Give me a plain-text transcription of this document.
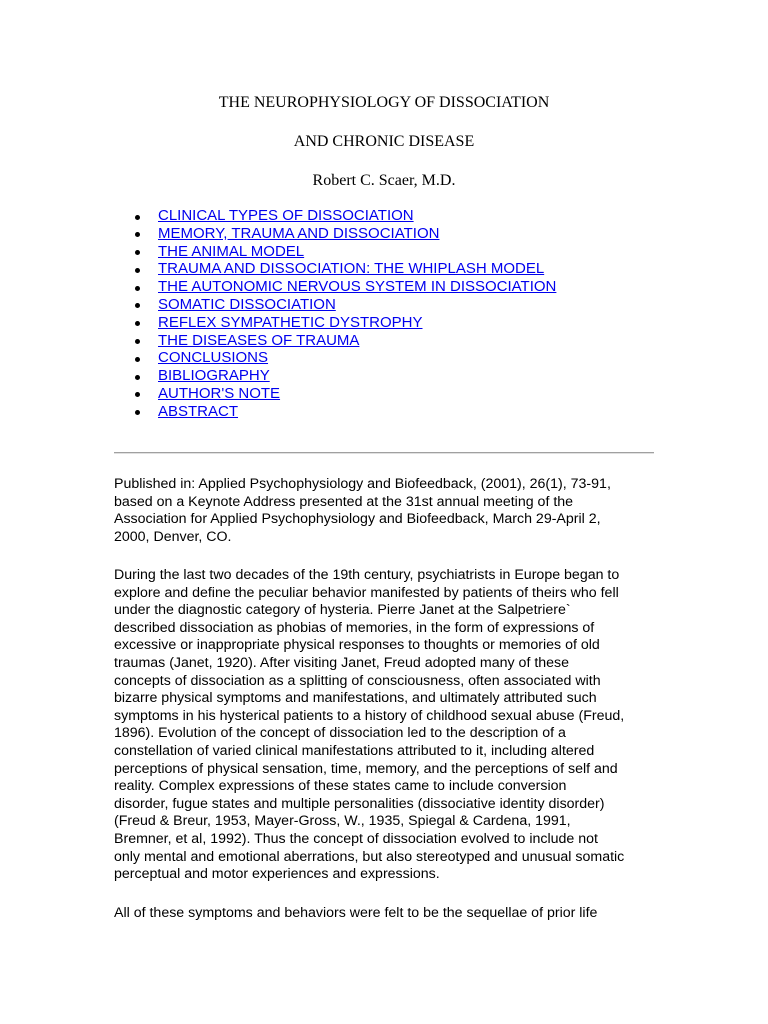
THE NEUROPHYSIOLOGY OF DISSOCIATION
AND CHRONIC DISEASE
Robert C. Scaer, M.D.
CLINICAL TYPES OF DISSOCIATION
MEMORY, TRAUMA AND DISSOCIATION
THE ANIMAL MODEL
TRAUMA AND DISSOCIATION: THE WHIPLASH MODEL
THE AUTONOMIC NERVOUS SYSTEM IN DISSOCIATION
SOMATIC DISSOCIATION
REFLEX SYMPATHETIC DYSTROPHY
THE DISEASES OF TRAUMA
CONCLUSIONS
BIBLIOGRAPHY
AUTHOR'S NOTE
ABSTRACT

Published in: Applied Psychophysiology and Biofeedback, (2001), 26(1), 73-91,
based on a Keynote Address presented at the 31st annual meeting of the
Association for Applied Psychophysiology and Biofeedback, March 29-April 2,
2000, Denver, CO.

During the last two decades of the 19th century, psychiatrists in Europe began to
explore and define the peculiar behavior manifested by patients of theirs who fell
under the diagnostic category of hysteria. Pierre Janet at the Salpetriere`
described dissociation as phobias of memories, in the form of expressions of
excessive or inappropriate physical responses to thoughts or memories of old
traumas (Janet, 1920). After visiting Janet, Freud adopted many of these
concepts of dissociation as a splitting of consciousness, often associated with
bizarre physical symptoms and manifestations, and ultimately attributed such
symptoms in his hysterical patients to a history of childhood sexual abuse (Freud,
1896). Evolution of the concept of dissociation led to the description of a
constellation of varied clinical manifestations attributed to it, including altered
perceptions of physical sensation, time, memory, and the perceptions of self and
reality. Complex expressions of these states came to include conversion
disorder, fugue states and multiple personalities (dissociative identity disorder)
(Freud & Breur, 1953, Mayer-Gross, W., 1935, Spiegal & Cardena, 1991,
Bremner, et al, 1992). Thus the concept of dissociation evolved to include not
only mental and emotional aberrations, but also stereotyped and unusual somatic
perceptual and motor experiences and expressions.

All of these symptoms and behaviors were felt to be the sequellae of prior life
